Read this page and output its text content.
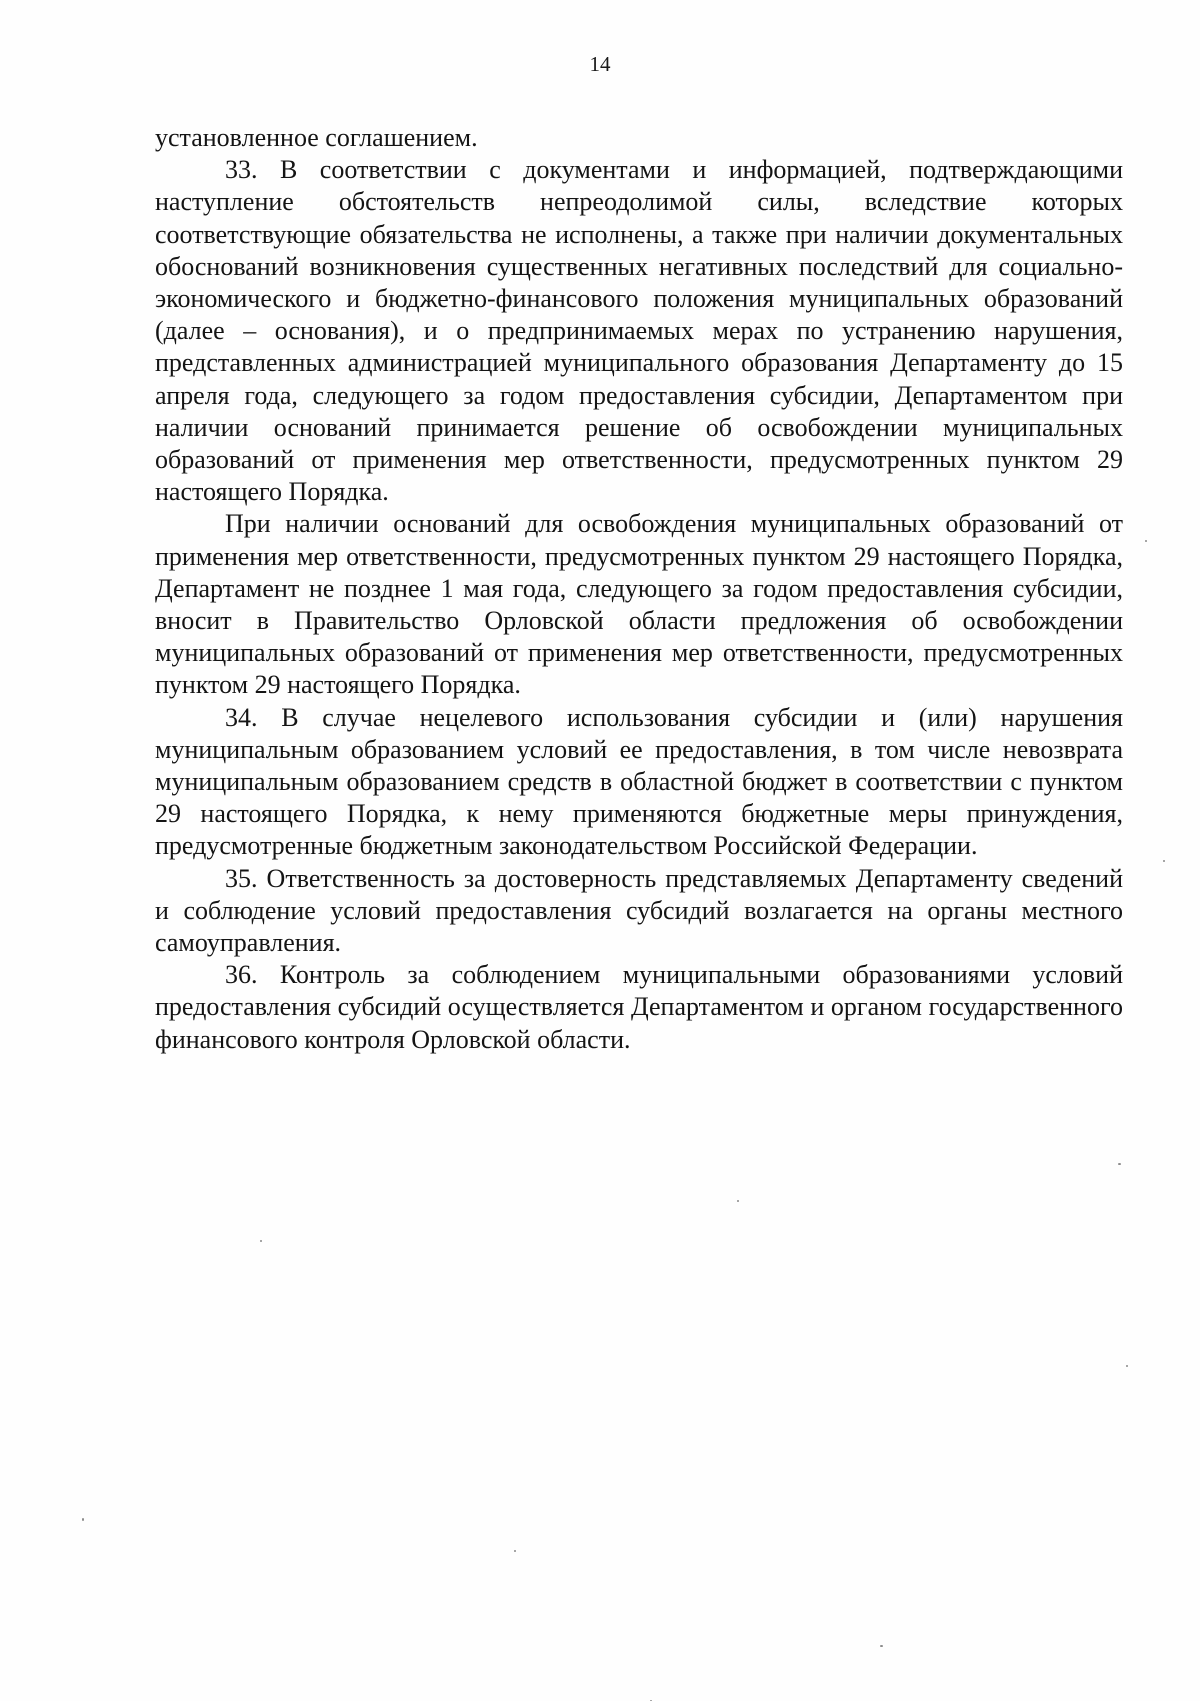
14

установленное соглашением.

33. В соответствии с документами и информацией, подтверждающими наступление обстоятельств непреодолимой силы, вследствие которых соответствующие обязательства не исполнены, а также при наличии документальных обоснований возникновения существенных негативных последствий для социально-экономического и бюджетно-финансового положения муниципальных образований (далее – основания), и о предпринимаемых мерах по устранению нарушения, представленных администрацией муниципального образования Департаменту до 15 апреля года, следующего за годом предоставления субсидии, Департаментом при наличии оснований принимается решение об освобождении муниципальных образований от применения мер ответственности, предусмотренных пунктом 29 настоящего Порядка.

При наличии оснований для освобождения муниципальных образований от применения мер ответственности, предусмотренных пунктом 29 настоящего Порядка, Департамент не позднее 1 мая года, следующего за годом предоставления субсидии, вносит в Правительство Орловской области предложения об освобождении муниципальных образований от применения мер ответственности, предусмотренных пунктом 29 настоящего Порядка.

34. В случае нецелевого использования субсидии и (или) нарушения муниципальным образованием условий ее предоставления, в том числе невозврата муниципальным образованием средств в областной бюджет в соответствии с пунктом 29 настоящего Порядка, к нему применяются бюджетные меры принуждения, предусмотренные бюджетным законодательством Российской Федерации.

35. Ответственность за достоверность представляемых Департаменту сведений и соблюдение условий предоставления субсидий возлагается на органы местного самоуправления.

36. Контроль за соблюдением муниципальными образованиями условий предоставления субсидий осуществляется Департаментом и органом государственного финансового контроля Орловской области.
